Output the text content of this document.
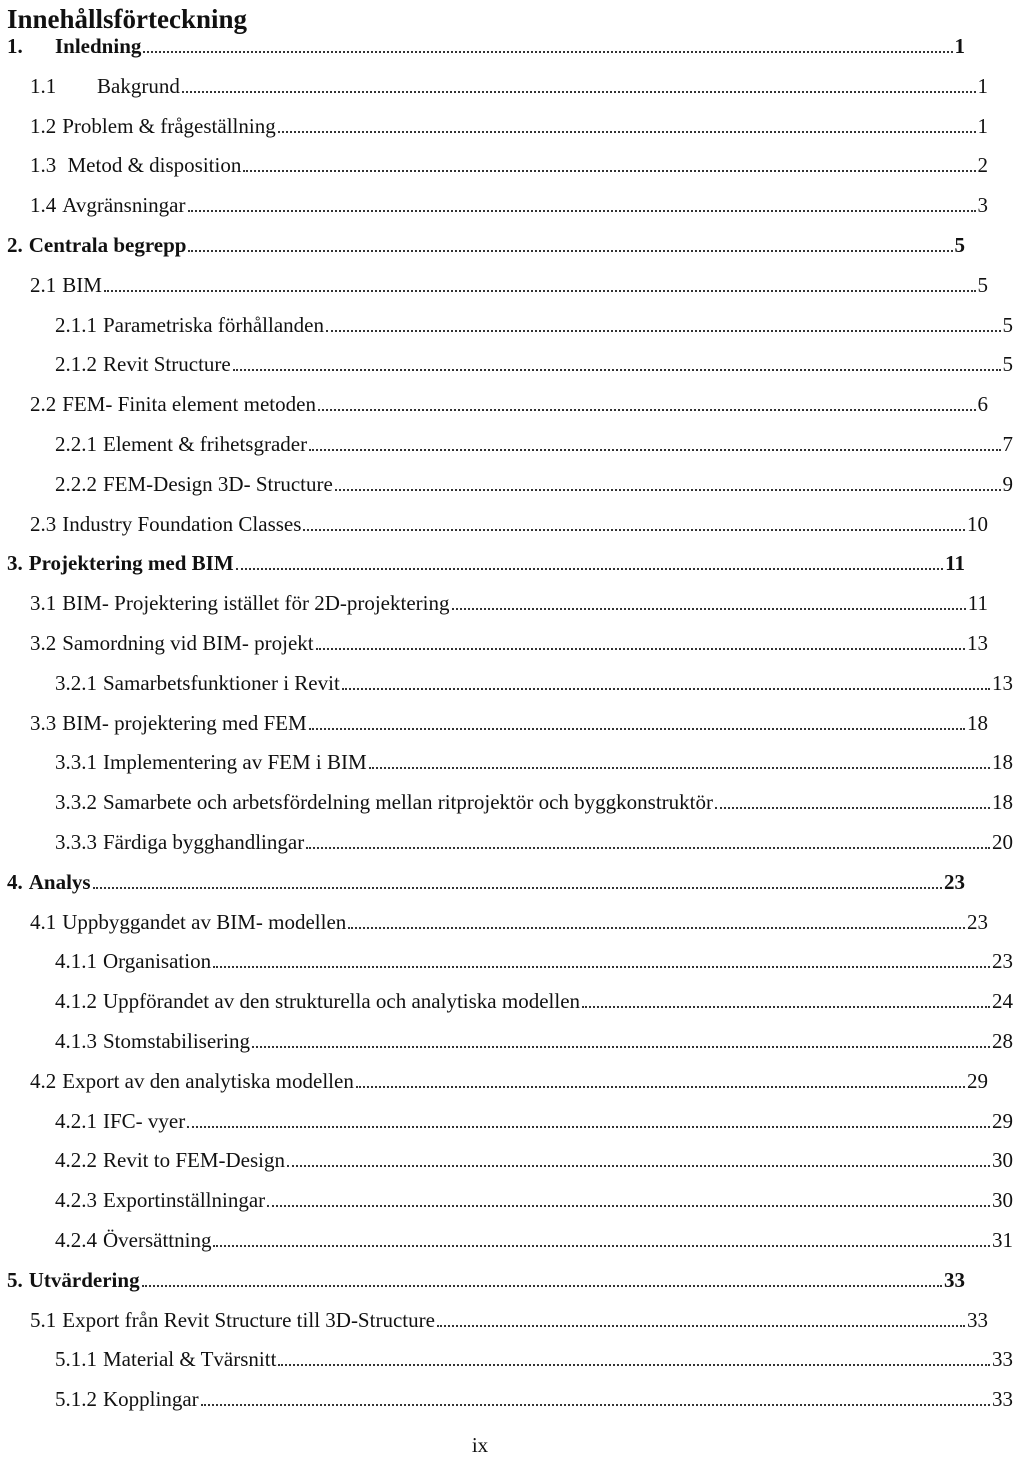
Innehållsförteckning
1.	Inledning	1
1.1	Bakgrund	1
1.2 Problem & frågeställning	1
1.3 Metod & disposition	2
1.4 Avgränsningar	3
2. Centrala begrepp	5
2.1 BIM	5
2.1.1 Parametriska förhållanden	5
2.1.2 Revit Structure	5
2.2 FEM- Finita element metoden	6
2.2.1 Element & frihetsgrader	7
2.2.2 FEM-Design 3D- Structure	9
2.3 Industry Foundation Classes	10
3. Projektering med BIM	11
3.1 BIM- Projektering istället för 2D-projektering	11
3.2 Samordning vid BIM- projekt	13
3.2.1 Samarbetsfunktioner i Revit	13
3.3 BIM- projektering med FEM	18
3.3.1 Implementering av FEM i BIM	18
3.3.2 Samarbete och arbetsfördelning mellan ritprojektör och byggkonstruktör	18
3.3.3 Färdiga bygghandlingar	20
4. Analys	23
4.1 Uppbyggandet av BIM- modellen	23
4.1.1 Organisation	23
4.1.2 Uppförandet av den strukturella och analytiska modellen	24
4.1.3 Stomstabilisering	28
4.2 Export av den analytiska modellen	29
4.2.1 IFC- vyer	29
4.2.2 Revit to FEM-Design	30
4.2.3 Exportinställningar	30
4.2.4 Översättning	31
5. Utvärdering	33
5.1 Export från Revit Structure till 3D-Structure	33
5.1.1 Material & Tvärsnitt	33
5.1.2 Kopplingar	33
ix
